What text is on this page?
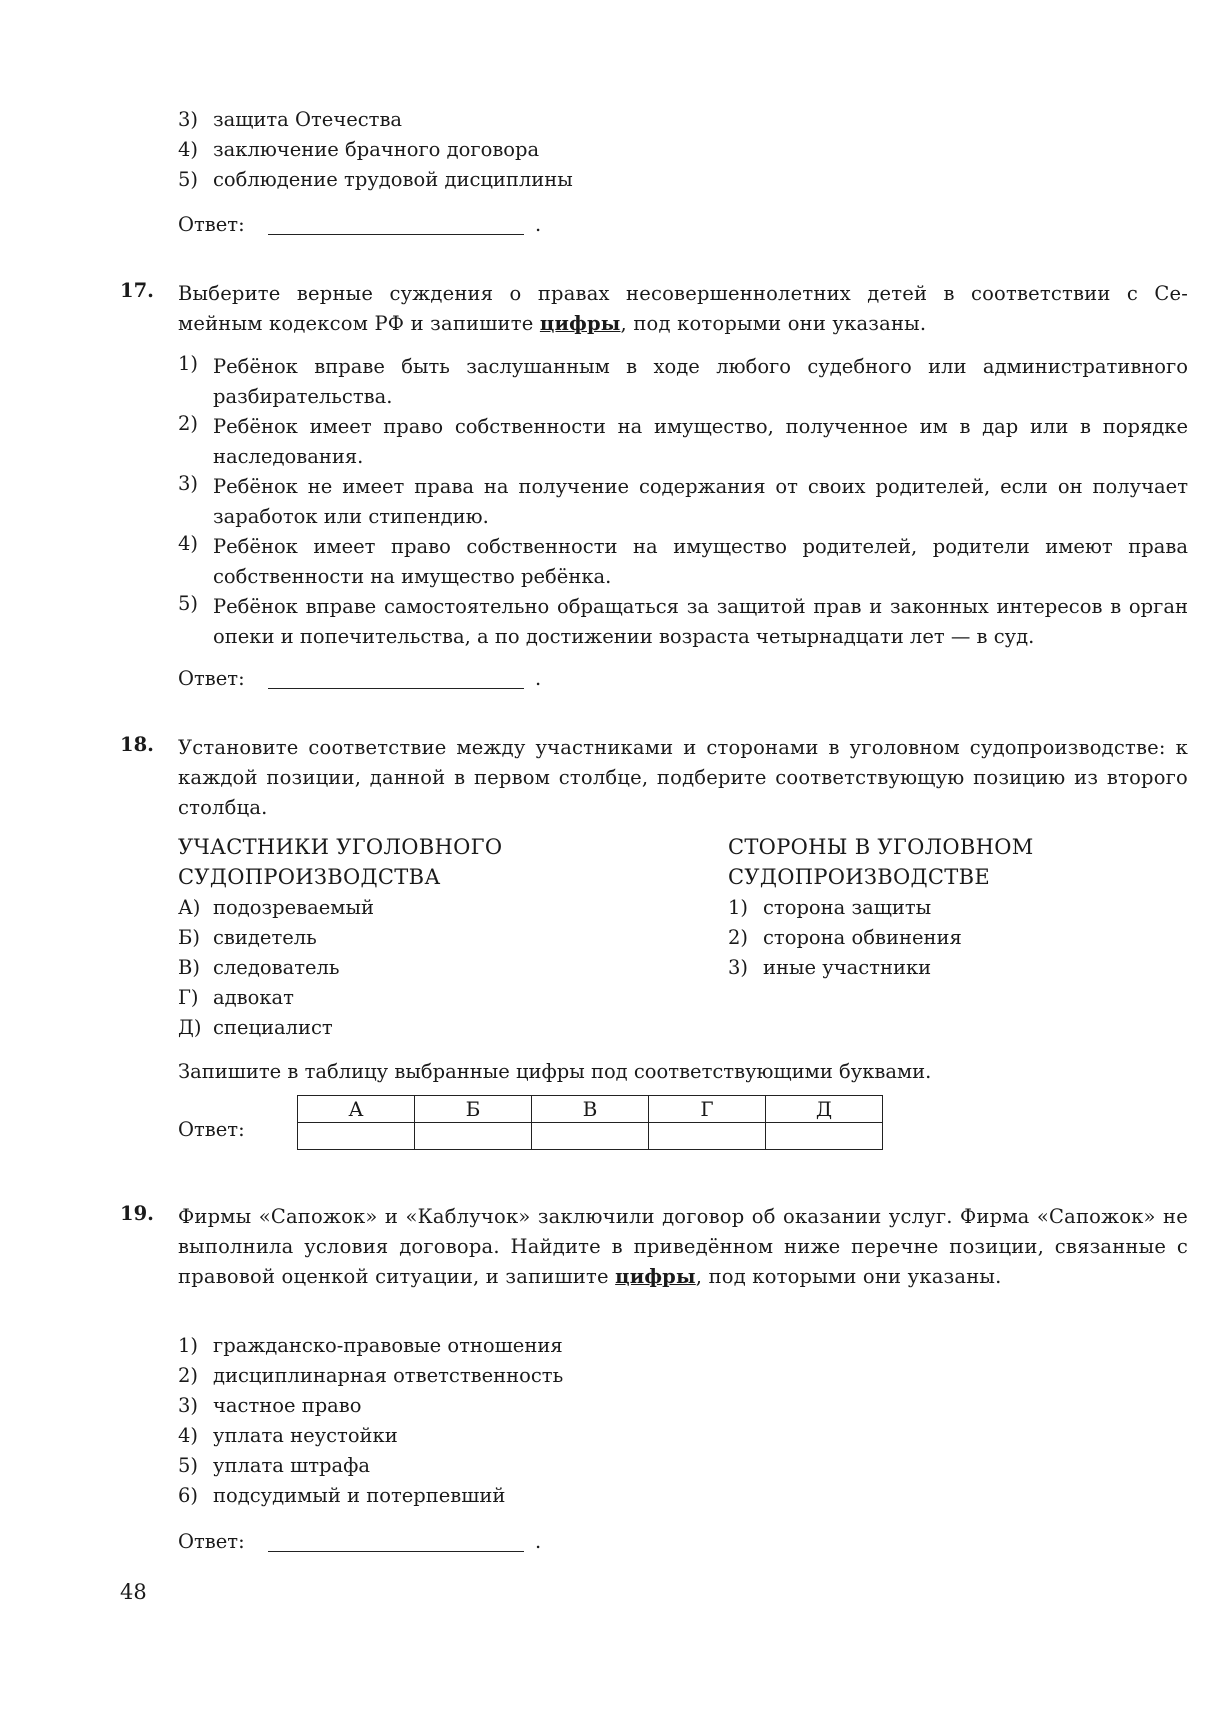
3) защита Отечества
4) заключение брачного договора
5) соблюдение трудовой дисциплины
Ответ:	.
17. Выберите верные суждения о правах несовершеннолетних детей в соответствии с Се-
мейным кодексом РФ и запишите цифры, под которыми они указаны.
1) Ребёнок вправе быть заслушанным в ходе любого судебного или административного разбирательства.
2) Ребёнок имеет право собственности на имущество, полученное им в дар или в порядке наследования.
3) Ребёнок не имеет права на получение содержания от своих родителей, если он получает заработок или стипендию.
4) Ребёнок имеет право собственности на имущество родителей, родители имеют права собственности на имущество ребёнка.
5) Ребёнок вправе самостоятельно обращаться за защитой прав и законных интересов в орган опеки и попечительства, а по достижении возраста четырнадцати лет — в суд.
Ответ:	.
18. Установите соответствие между участниками и сторонами в уголовном судопроизводстве: к каждой позиции, данной в первом столбце, подберите соответствующую позицию из второго столбца.
УЧАСТНИКИ УГОЛОВНОГО
СУДОПРОИЗВОДСТВА
СТОРОНЫ В УГОЛОВНОМ
СУДОПРОИЗВОДСТВЕ
А) подозреваемый
Б) свидетель
В) следователь
Г) адвокат
Д) специалист
1) сторона защиты
2) сторона обвинения
3) иные участники
Запишите в таблицу выбранные цифры под соответствующими буквами.
Ответ:
А	Б	В	Г	Д

19. Фирмы «Сапожок» и «Каблучок» заключили договор об оказании услуг. Фирма «Сапожок» не выполнила условия договора. Найдите в приведённом ниже перечне позиции, связанные с правовой оценкой ситуации, и запишите цифры, под которыми они указаны.
1) гражданско-правовые отношения
2) дисциплинарная ответственность
3) частное право
4) уплата неустойки
5) уплата штрафа
6) подсудимый и потерпевший
Ответ:	.
48
